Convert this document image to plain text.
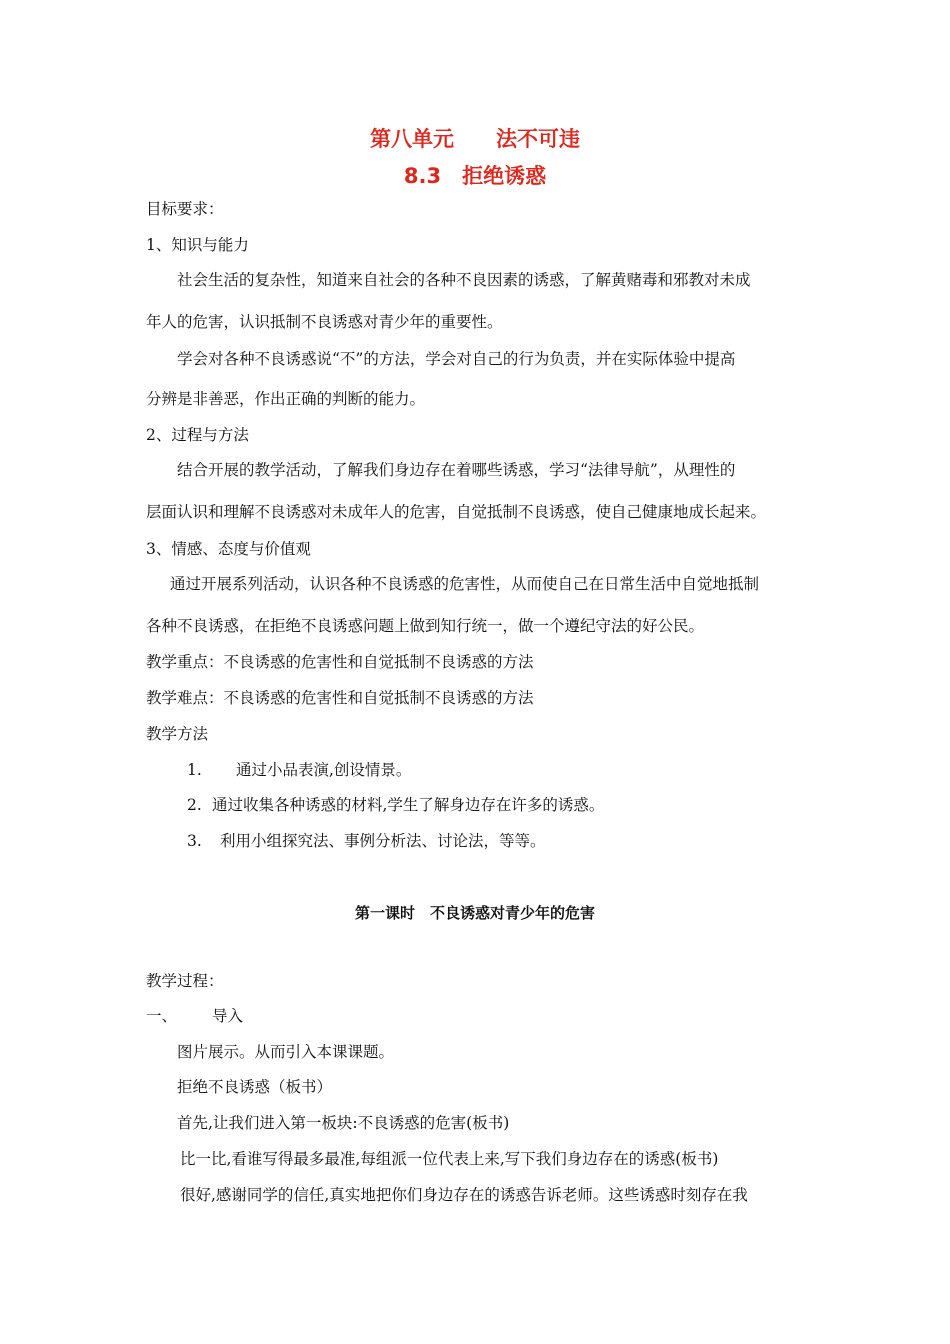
第八单元　　法不可违
8.3　拒绝诱惑
目标要求：
1、知识与能力
社会生活的复杂性，知道来自社会的各种不良因素的诱惑，了解黄赌毒和邪教对未成
年人的危害，认识抵制不良诱惑对青少年的重要性。
学会对各种不良诱惑说“不”的方法，学会对自己的行为负责，并在实际体验中提高
分辨是非善恶，作出正确的判断的能力。
2、过程与方法
结合开展的教学活动，了解我们身边存在着哪些诱惑，学习“法律导航”，从理性的
层面认识和理解不良诱惑对未成年人的危害，自觉抵制不良诱惑，使自己健康地成长起来。
3、情感、态度与价值观
通过开展系列活动，认识各种不良诱惑的危害性，从而使自己在日常生活中自觉地抵制
各种不良诱惑，在拒绝不良诱惑问题上做到知行统一，做一个遵纪守法的好公民。
教学重点：不良诱惑的危害性和自觉抵制不良诱惑的方法
教学难点：不良诱惑的危害性和自觉抵制不良诱惑的方法
教学方法
1. 通过小品表演,创设情景。
2. 通过收集各种诱惑的材料,学生了解身边存在许多的诱惑。
3. 利用小组探究法、事例分析法、讨论法，等等。
第一课时　不良诱惑对青少年的危害
教学过程：
一、 导入
图片展示。从而引入本课课题。
拒绝不良诱惑（板书）
首先,让我们进入第一板块:不良诱惑的危害(板书)
比一比,看谁写得最多最准,每组派一位代表上来,写下我们身边存在的诱惑(板书)
很好,感谢同学的信任,真实地把你们身边存在的诱惑告诉老师。这些诱惑时刻存在我
